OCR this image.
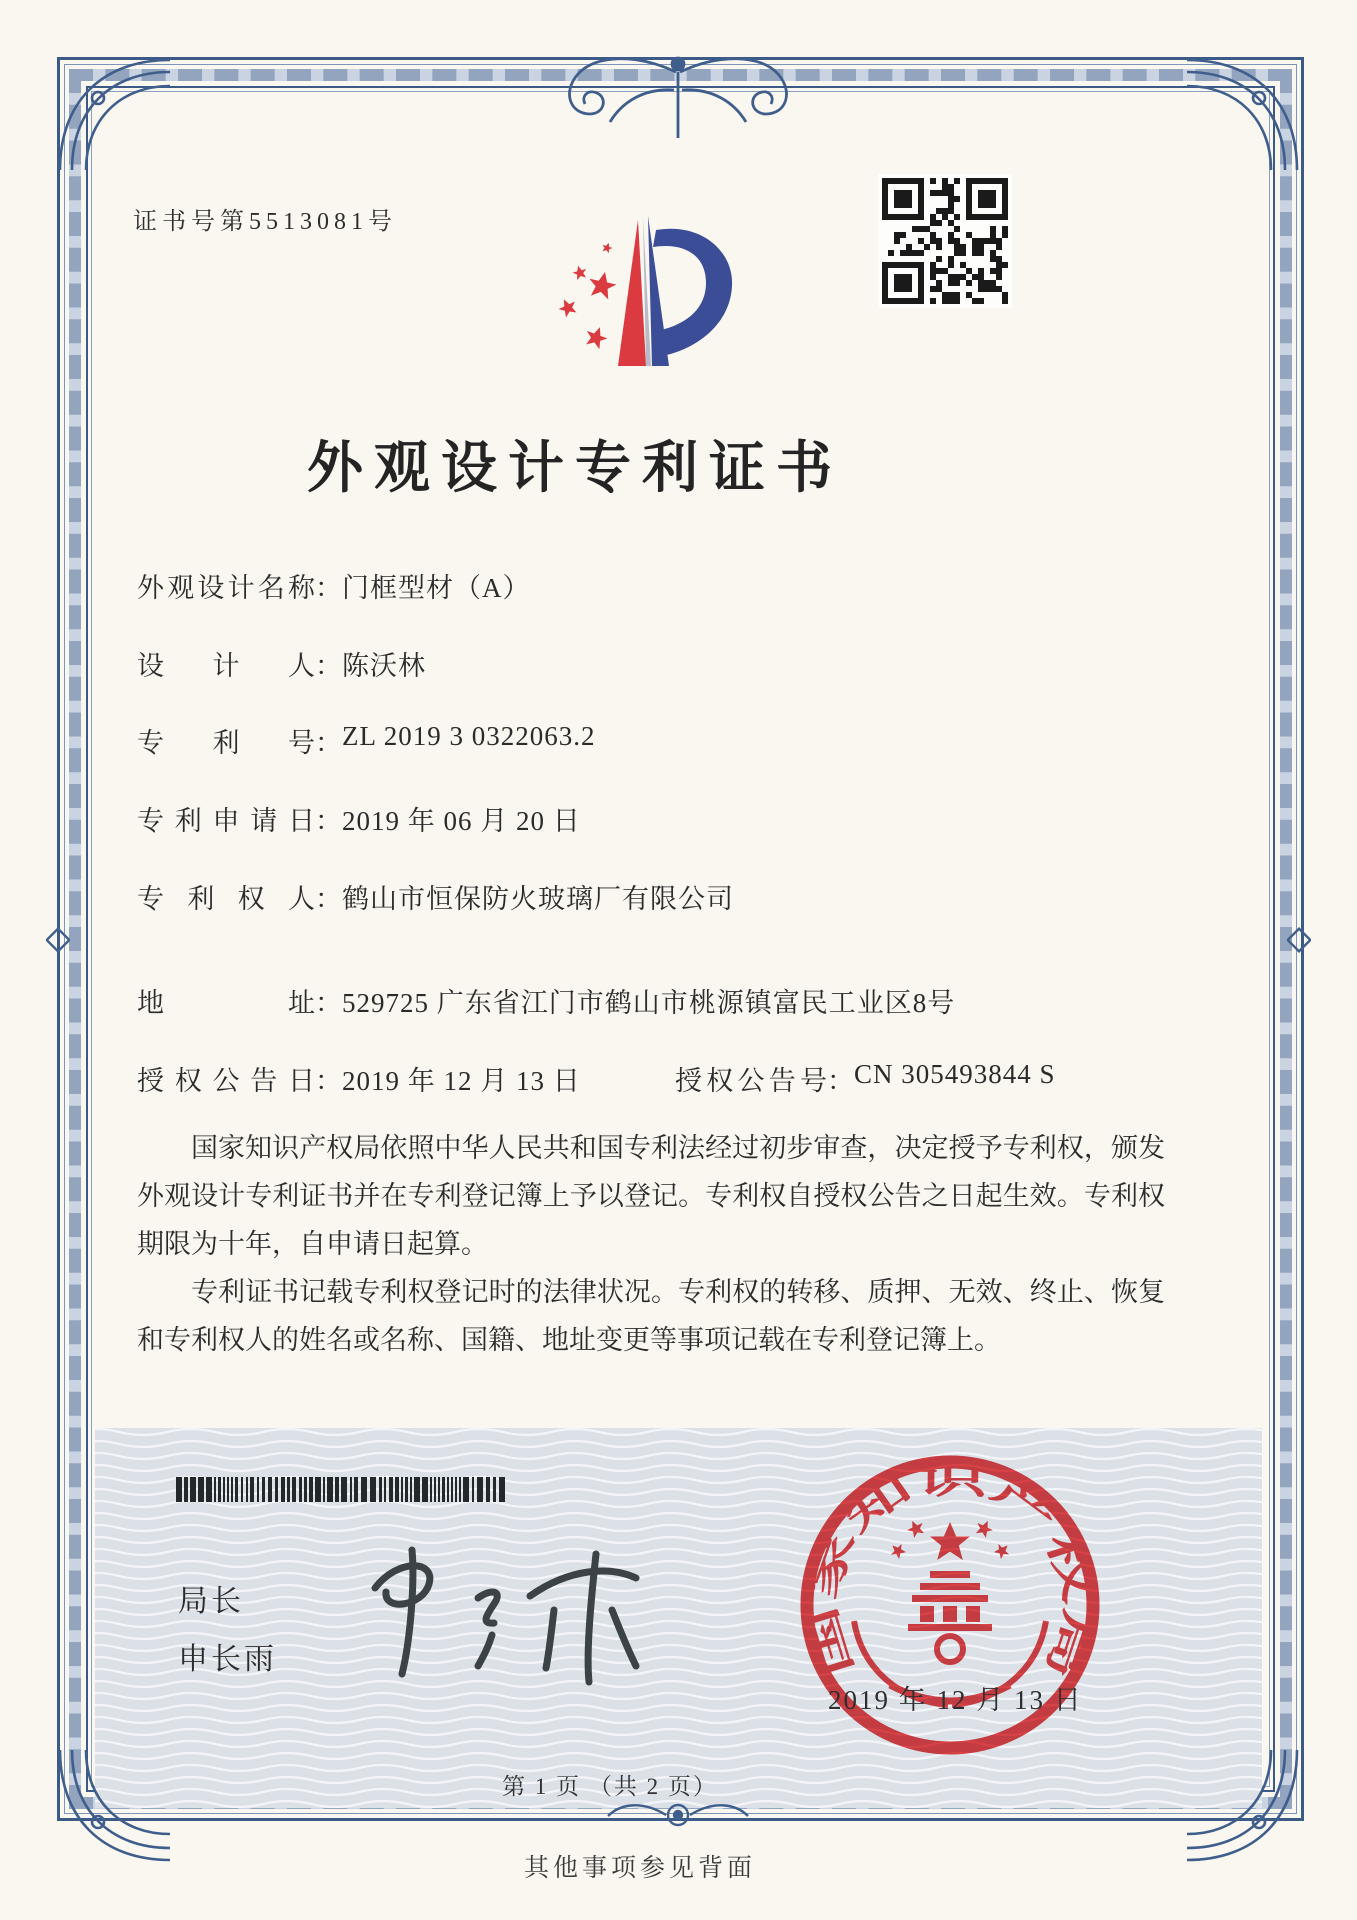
证书号第5513081号
外观设计专利证书
外观设计名称：门框型材（A）
设计人：陈沃林
专利号：ZL 2019 3 0322063.2
专利申请日：2019 年 06 月 20 日
专利权人：鹤山市恒保防火玻璃厂有限公司
地址：529725 广东省江门市鹤山市桃源镇富民工业区8号
授权公告日：2019 年 12 月 13 日	授权公告号：CN 305493844 S

国家知识产权局依照中华人民共和国专利法经过初步审查，决定授予专利权，颁发外观设计专利证书并在专利登记簿上予以登记。专利权自授权公告之日起生效。专利权期限为十年，自申请日起算。

专利证书记载专利权登记时的法律状况。专利权的转移、质押、无效、终止、恢复和专利权人的姓名或名称、国籍、地址变更等事项记载在专利登记簿上。

局长
申长雨	国家知识产权局
2019 年 12 月 13 日
第 1 页 （共 2 页）
其他事项参见背面
